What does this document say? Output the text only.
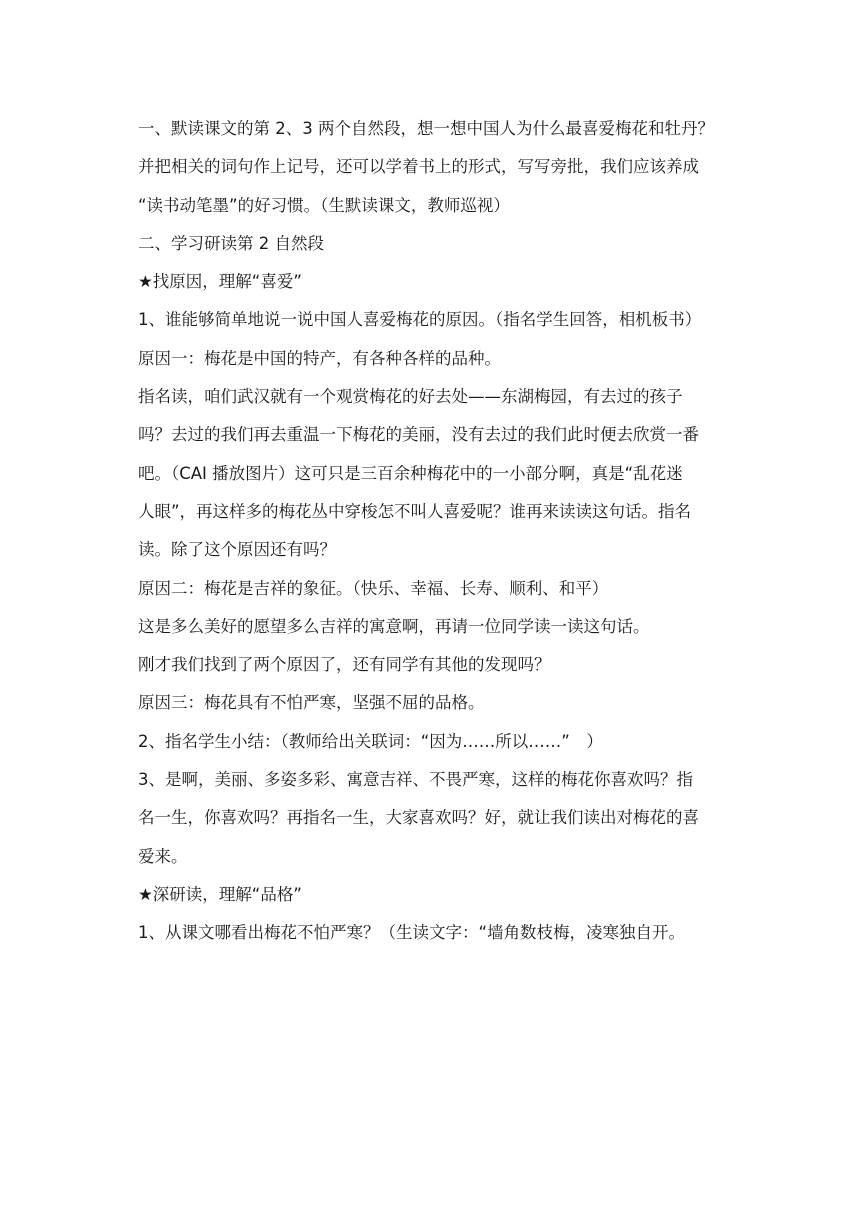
一、默读课文的第 2、3 两个自然段，想一想中国人为什么最喜爱梅花和牡丹？
并把相关的词句作上记号，还可以学着书上的形式，写写旁批，我们应该养成
“读书动笔墨”的好习惯。（生默读课文，教师巡视）
二、学习研读第 2 自然段
★找原因，理解“喜爱”
1、谁能够简单地说一说中国人喜爱梅花的原因。（指名学生回答，相机板书）
原因一：梅花是中国的特产，有各种各样的品种。
指名读，咱们武汉就有一个观赏梅花的好去处——东湖梅园，有去过的孩子
吗？去过的我们再去重温一下梅花的美丽，没有去过的我们此时便去欣赏一番
吧。（CAI 播放图片）这可只是三百余种梅花中的一小部分啊，真是“乱花迷
人眼”，再这样多的梅花丛中穿梭怎不叫人喜爱呢？谁再来读读这句话。指名
读。除了这个原因还有吗？
原因二：梅花是吉祥的象征。（快乐、幸福、长寿、顺利、和平）
这是多么美好的愿望多么吉祥的寓意啊，再请一位同学读一读这句话。
刚才我们找到了两个原因了，还有同学有其他的发现吗？
原因三：梅花具有不怕严寒，坚强不屈的品格。
2、指名学生小结：（教师给出关联词：“因为……所以……”　）
3、是啊，美丽、多姿多彩、寓意吉祥、不畏严寒，这样的梅花你喜欢吗？指
名一生，你喜欢吗？再指名一生，大家喜欢吗？好，就让我们读出对梅花的喜
爱来。
★深研读，理解“品格”
1、从课文哪看出梅花不怕严寒？（生读文字：“墙角数枝梅，凌寒独自开。
